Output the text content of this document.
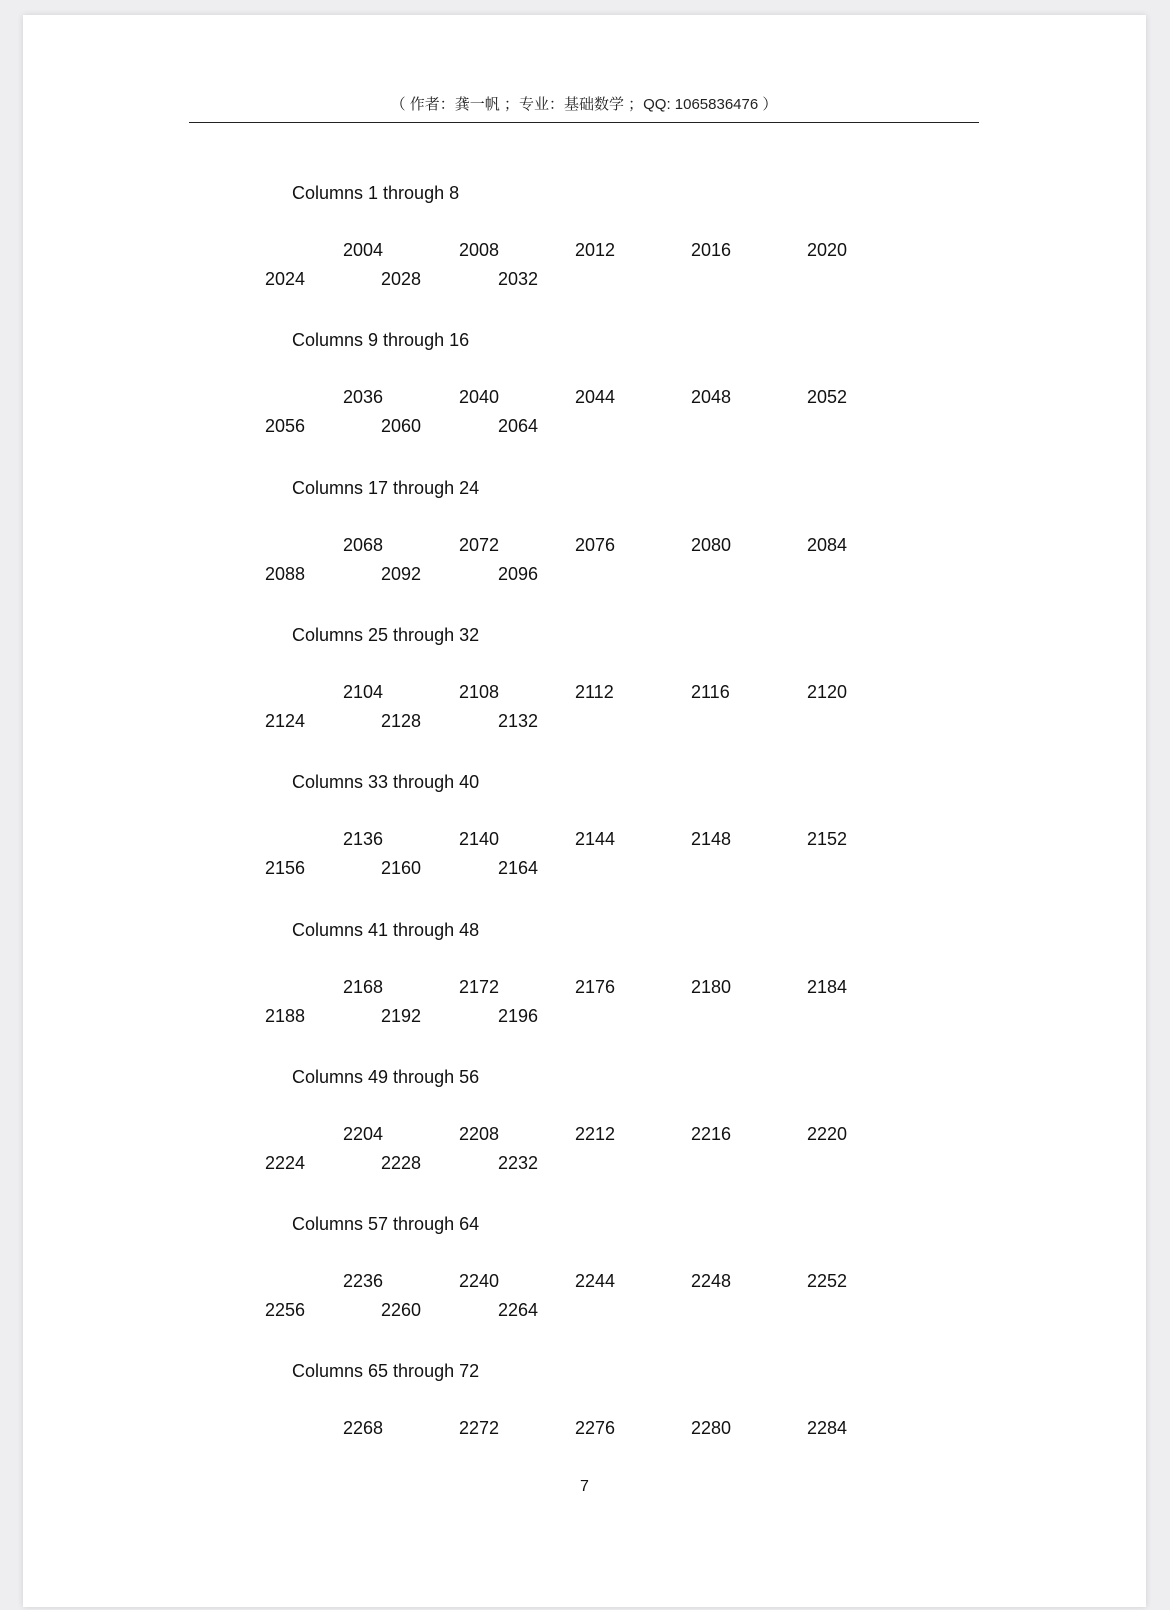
（ 作者：龚一帆 ；专业：基础数学 ；QQ: 1065836476 ）
Columns 1 through 8
2004	2008	2012	2016	2020
2024	2028	2032
Columns 9 through 16
2036	2040	2044	2048	2052
2056	2060	2064
Columns 17 through 24
2068	2072	2076	2080	2084
2088	2092	2096
Columns 25 through 32
2104	2108	2112	2116	2120
2124	2128	2132
Columns 33 through 40
2136	2140	2144	2148	2152
2156	2160	2164
Columns 41 through 48
2168	2172	2176	2180	2184
2188	2192	2196
Columns 49 through 56
2204	2208	2212	2216	2220
2224	2228	2232
Columns 57 through 64
2236	2240	2244	2248	2252
2256	2260	2264
Columns 65 through 72
2268	2272	2276	2280	2284
7
